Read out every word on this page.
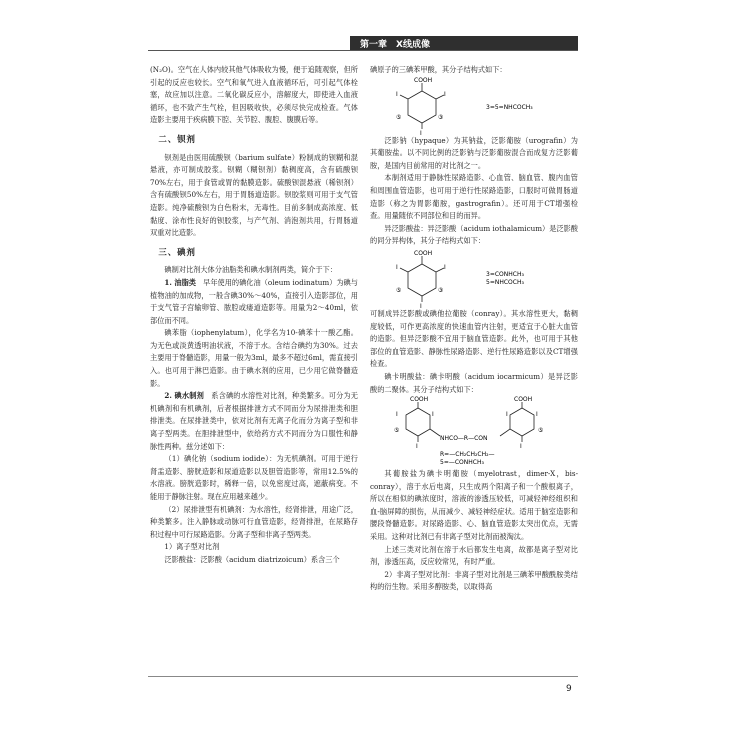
第一章　X线成像

(N₂O)。空气在人体内较其他气体吸收为慢，便于追随观察，但所引起的反应也较长。空气和氧气进入血液循环后，可引起气体栓塞，故应加以注意。二氧化碳反应小，溶解度大，即使进入血液循环，也不致产生气栓，但因吸收快，必须尽快完成检查。气体造影主要用于疾病膜下腔、关节腔、腹腔、腹膜后等。

二、钡剂

钡剂是由医用硫酸钡（barium sulfate）粉制成的钡糊和混悬液，亦可制成胶浆。钡糊（糊钡剂）黏稠度高，含有硫酸钡70%左右，用于食管或胃的黏膜造影。硫酸钡混悬液（稀钡剂）含有硫酸钡50%左右，用于胃肠道造影。钡胶浆则可用于支气管造影。纯净硫酸钡为白色粉末，无毒性。目前多制成高浓度、低黏度、涂布性良好的钡胶浆，与产气剂、消泡剂共用，行胃肠道双重对比造影。

三、碘剂

碘制对比剂大体分油脂类和碘水制剂两类，简介于下：

1. 油脂类　 早年使用的碘化油（oleum iodinatum）为碘与植物油的加成物，一般含碘30%～40%，直接引入造影部位，用于支气管子宫输卵管、脓腔或瘘道造影等。用量为2～40ml，依部位而不同。

碘苯脂（iophenylatum），化学名为10-碘苯十一酸乙酯。为无色或淡黄透明油状液，不溶于水。含结合碘约为30%。过去主要用于脊髓造影，用量一般为3ml，最多不超过6ml，需直接引入。也可用于淋巴造影。由于碘水剂的应用，已少用它做脊髓造影。

2. 碘水制剂　 系含碘的水溶性对比剂，种类繁多。可分为无机碘剂和有机碘剂，后者根据排泄方式不同而分为尿排泄类和胆排泄类。在尿排泄类中，依对比剂有无离子化而分为离子型和非离子型两类。在胆排泄型中，依给药方式不同而分为口服性和静脉性两种。兹分述如下：

（1）碘化钠（sodium iodide）：为无机碘剂。可用于逆行肾盂造影、膀胱造影和尿道造影以及胆管造影等，常用12.5%的水溶液。膀胱造影时，稀释一倍，以免密度过高，遮蔽病变。不能用于静脉注射。现在应用越来越少。

（2）尿排泄型有机碘剂：为水溶性，经肾排泄，用途广泛，种类繁多。注入静脉或动脉可行血管造影，经肾排泄，在尿路存积过程中可行尿路造影。分离子型和非离子型两类。

1）离子型对比剂

泛影酸盐：泛影酸（acidum diatrizoicum）系含三个

碘原子的三碘苯甲酸，其分子结构式如下：

COOH
I
I
I
⑤	③
3=5=NHCOCH₃

泛影钠（hypaque）为其钠盐，泛影葡胺（urografin）为其葡胺盐。以不同比例的泛影钠与泛影葡胺混合而成复方泛影葡胺，是国内目前常用的对比剂之一。

本制剂适用于静脉性尿路造影、心血管、脑血管、腹内血管和周围血管造影，也可用于逆行性尿路造影，口服时可做胃肠道造影（称之为胃影葡胺，gastrografin）。还可用于CT增强检查。用量随依不同部位和目的而异。

异泛影酸盐：异泛影酸（acidum iothalamicum）是泛影酸的同分异构体，其分子结构式如下：

COOH
I
I
I
⑤	③
3=CONHCH₃
5=NHCOCH₃

可制成异泛影酸或碘他拉葡胺（conray）。其水溶性更大，黏稠度较低，可作更高浓度的快速血管内注射，更适宜于心脏大血管的造影。但异泛影酸不宜用于脑血管造影。此外，也可用于其他部位的血管造影、静脉性尿路造影、逆行性尿路造影以及CT增强检查。

碘卡明酸盐：碘卡明酸（acidum iocarmicum）是异泛影酸的二聚体。其分子结构式如下：

COOH	COOH
I	I	I	I
I	I
⑤	⑤
NHCO—R—CON
R=—CH₂CH₂CH₂—
5=—CONHCH₃

其葡胺盐为碘卡明葡胺（myelotrast，dimer-X，bis-conray），溶于水后电离，只生成两个阳离子和一个酸根离子，所以在相似的碘浓度时，溶液的渗透压较低，可减轻神经组织和血-脑屏障的损伤，从而减少、减轻神经症状。适用于脑室造影和腰段脊髓造影。对尿路造影、心、脑血管造影太突出优点，无需采用。这种对比剂已有非离子型对比剂而被淘汰。

上述三类对比剂在溶于水后都发生电离，故都是离子型对比剂，渗透压高，反应较常见，有时严重。

2）非离子型对比剂：非离子型对比剂是三碘苯甲酸酰胺类结构的衍生物。采用多醇胺类，以取得高

9
